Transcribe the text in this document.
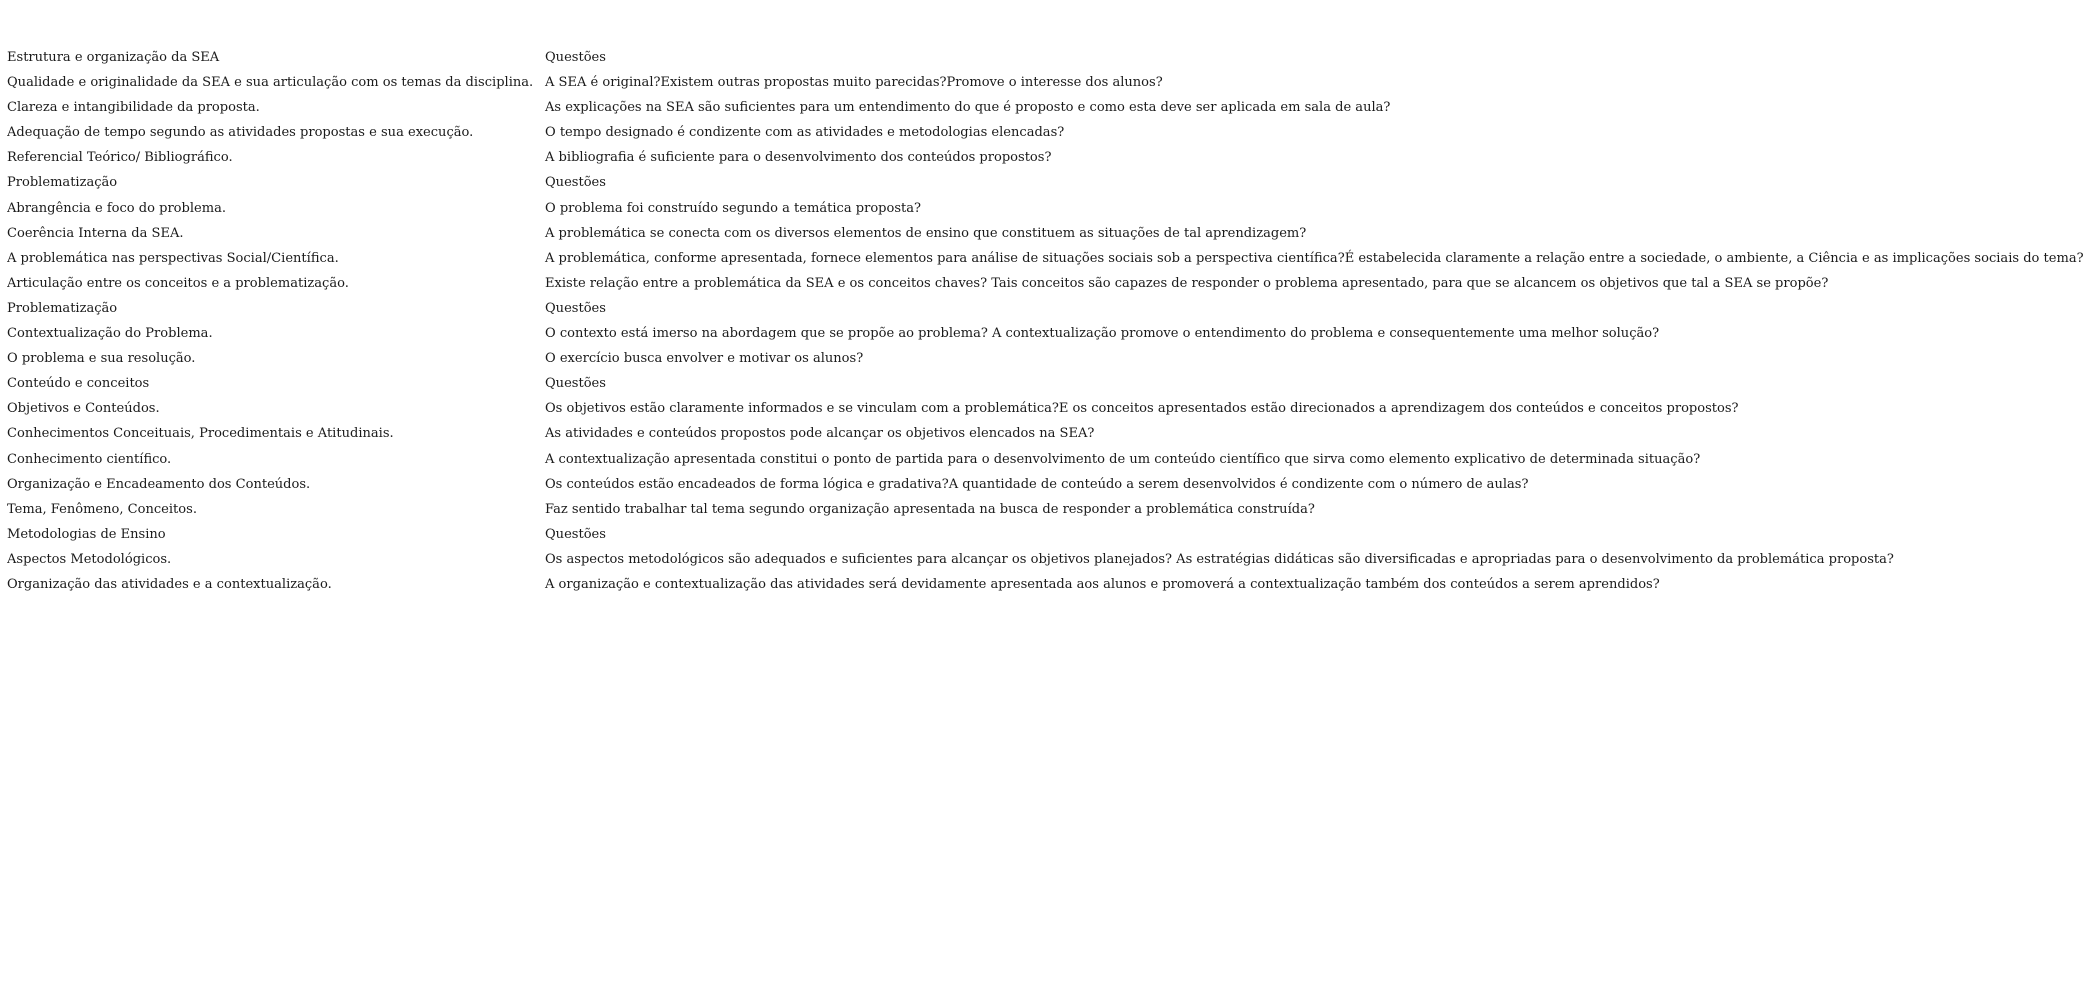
Estrutura e organização da SEA	Questões
Qualidade e originalidade da SEA e sua articulação com os temas da disciplina. A SEA é original?Existem outras propostas muito parecidas?Promove o interesse dos alunos?
Clareza e intangibilidade da proposta.	As explicações na SEA são suficientes para um entendimento do que é proposto e como esta deve ser aplicada em sala de aula?
Adequação de tempo segundo as atividades propostas e sua execução.	O tempo designado é condizente com as atividades e metodologias elencadas?
Referencial Teórico/ Bibliográfico.	A bibliografia é suficiente para o desenvolvimento dos conteúdos propostos?
Problematização	Questões
Abrangência e foco do problema.	O problema foi construído segundo a temática proposta?
Coerência Interna da SEA.	A problemática se conecta com os diversos elementos de ensino que constituem as situações de tal aprendizagem?
A problemática nas perspectivas Social/Científica.	A problemática, conforme apresentada, fornece elementos para análise de situações sociais sob a perspectiva científica?É estabelecida claramente a relação entre a sociedade, o ambiente, a Ciência e as implicações sociais do tema?
Articulação entre os conceitos e a problematização.	Existe relação entre a problemática da SEA e os conceitos chaves? Tais conceitos são capazes de responder o problema apresentado, para que se alcancem os objetivos que tal a SEA se propõe?
Problematização	Questões
Contextualização do Problema.	O contexto está imerso na abordagem que se propõe ao problema? A contextualização promove o entendimento do problema e consequentemente uma melhor solução?
O problema e sua resolução.	O exercício busca envolver e motivar os alunos?
Conteúdo e conceitos	Questões
Objetivos e Conteúdos.	Os objetivos estão claramente informados e se vinculam com a problemática?E os conceitos apresentados estão direcionados a aprendizagem dos conteúdos e conceitos propostos?
Conhecimentos Conceituais, Procedimentais e Atitudinais.	As atividades e conteúdos propostos pode alcançar os objetivos elencados na SEA?
Conhecimento científico.	A contextualização apresentada constitui o ponto de partida para o desenvolvimento de um conteúdo científico que sirva como elemento explicativo de determinada situação?
Organização e Encadeamento dos Conteúdos.	Os conteúdos estão encadeados de forma lógica e gradativa?A quantidade de conteúdo a serem desenvolvidos é condizente com o número de aulas?
Tema, Fenômeno, Conceitos.	Faz sentido trabalhar tal tema segundo organização apresentada na busca de responder a problemática construída?
Metodologias de Ensino	Questões
Aspectos Metodológicos.	Os aspectos metodológicos são adequados e suficientes para alcançar os objetivos planejados? As estratégias didáticas são diversificadas e apropriadas para o desenvolvimento da problemática proposta?
Organização das atividades e a contextualização.	A organização e contextualização das atividades será devidamente apresentada aos alunos e promoverá a contextualização também dos conteúdos a serem aprendidos?
